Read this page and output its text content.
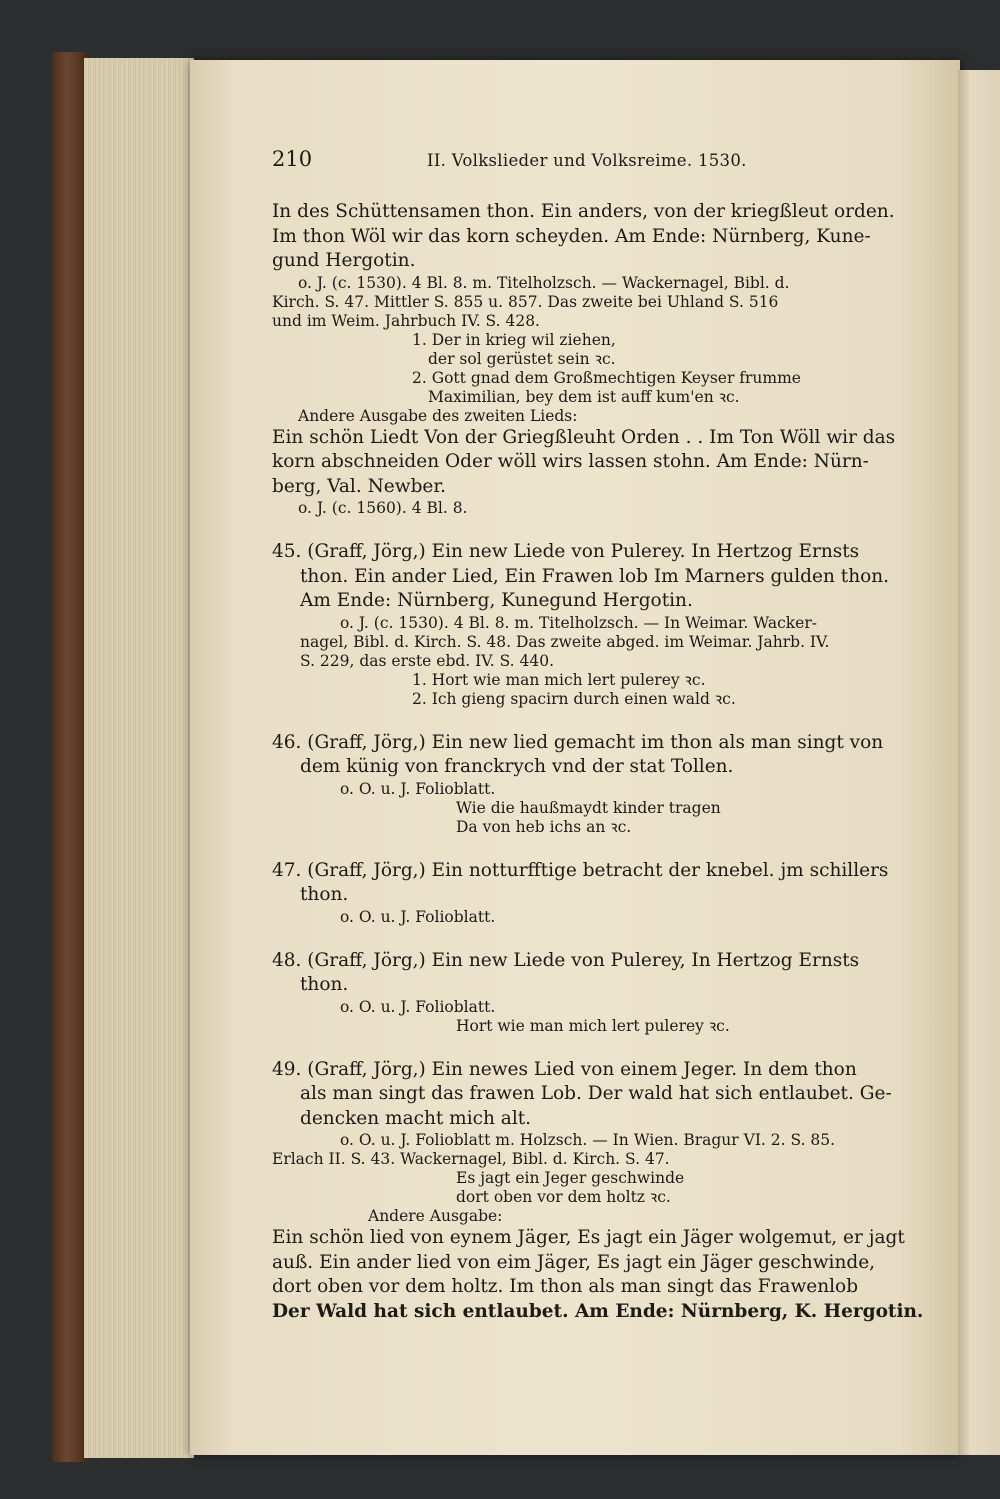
210	II. Volkslieder und Volksreime. 1530.
In des Schüttensamen thon. Ein anders, von der kriegßleut orden.
Im thon Wöl wir das korn scheyden. Am Ende: Nürnberg, Kune-
gund Hergotin.
o. J. (c. 1530). 4 Bl. 8. m. Titelholzsch. — Wackernagel, Bibl. d.
Kirch. S. 47. Mittler S. 855 u. 857. Das zweite bei Uhland S. 516
und im Weim. Jahrbuch IV. S. 428.
1. Der in krieg wil ziehen,
der sol gerüstet sein ꝛc.
2. Gott gnad dem Großmechtigen Keyser frumme
Maximilian, bey dem ist auff kum'en ꝛc.
Andere Ausgabe des zweiten Lieds:
Ein schön Liedt Von der Griegßleuht Orden . . Im Ton Wöll wir das
korn abschneiden Oder wöll wirs lassen stohn. Am Ende: Nürn-
berg, Val. Newber.
o. J. (c. 1560). 4 Bl. 8.
45. (Graff, Jörg,) Ein new Liede von Pulerey. In Hertzog Ernsts
thon. Ein ander Lied, Ein Frawen lob Im Marners gulden thon.
Am Ende: Nürnberg, Kunegund Hergotin.
o. J. (c. 1530). 4 Bl. 8. m. Titelholzsch. — In Weimar. Wacker-
nagel, Bibl. d. Kirch. S. 48. Das zweite abged. im Weimar. Jahrb. IV.
S. 229, das erste ebd. IV. S. 440.
1. Hort wie man mich lert pulerey ꝛc.
2. Ich gieng spacirn durch einen wald ꝛc.
46. (Graff, Jörg,) Ein new lied gemacht im thon als man singt von
dem künig von franckrych vnd der stat Tollen.
o. O. u. J. Folioblatt.
Wie die haußmaydt kinder tragen
Da von heb ichs an ꝛc.
47. (Graff, Jörg,) Ein notturfftige betracht der knebel. jm schillers
thon.
o. O. u. J. Folioblatt.
48. (Graff, Jörg,) Ein new Liede von Pulerey, In Hertzog Ernsts
thon.
o. O. u. J. Folioblatt.
Hort wie man mich lert pulerey ꝛc.
49. (Graff, Jörg,) Ein newes Lied von einem Jeger. In dem thon
als man singt das frawen Lob. Der wald hat sich entlaubet. Ge-
dencken macht mich alt.
o. O. u. J. Folioblatt m. Holzsch. — In Wien. Bragur VI. 2. S. 85.
Erlach II. S. 43. Wackernagel, Bibl. d. Kirch. S. 47.
Es jagt ein Jeger geschwinde
dort oben vor dem holtz ꝛc.
Andere Ausgabe:
Ein schön lied von eynem Jäger, Es jagt ein Jäger wolgemut, er jagt
auß. Ein ander lied von eim Jäger, Es jagt ein Jäger geschwinde,
dort oben vor dem holtz. Im thon als man singt das Frawenlob
Der Wald hat sich entlaubet. Am Ende: Nürnberg, K. Hergotin.
